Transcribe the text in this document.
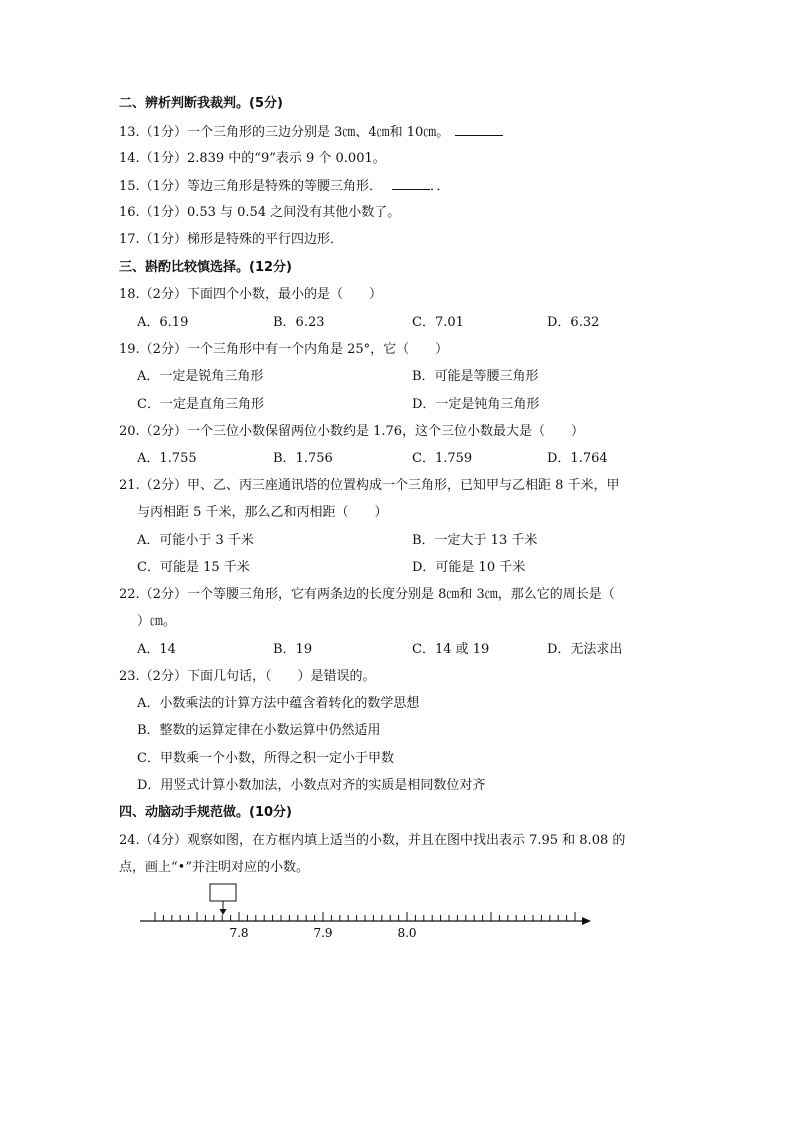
二、辨析判断我裁判。(5分)
13.（1分）一个三角形的三边分别是 3㎝、4㎝和 10㎝。
14.（1分）2.839 中的“9”表示 9 个 0.001。
15.（1分）等边三角形是特殊的等腰三角形．	．．
16.（1分）0.53 与 0.54 之间没有其他小数了。
17.（1分）梯形是特殊的平行四边形．
三、斟酌比较慎选择。(12分)
18.（2分）下面四个小数，最小的是（　　）
A．6.19	B．6.23	C．7.01	D．6.32
19.（2分）一个三角形中有一个内角是 25°，它（　　）
A．一定是锐角三角形	B．可能是等腰三角形
C．一定是直角三角形	D．一定是钝角三角形
20.（2分）一个三位小数保留两位小数约是 1.76，这个三位小数最大是（　　）
A．1.755	B．1.756	C．1.759	D．1.764
21.（2分）甲、乙、丙三座通讯塔的位置构成一个三角形，已知甲与乙相距 8 千米，甲
与丙相距 5 千米，那么乙和丙相距（　　）
A．可能小于 3 千米	B．一定大于 13 千米
C．可能是 15 千米	D．可能是 10 千米
22.（2分）一个等腰三角形，它有两条边的长度分别是 8㎝和 3㎝，那么它的周长是（
）㎝。
A．14	B．19	C．14 或 19	D．无法求出
23.（2分）下面几句话，（　　）是错误的。
A．小数乘法的计算方法中蕴含着转化的数学思想
B．整数的运算定律在小数运算中仍然适用
C．甲数乘一个小数，所得之积一定小于甲数
D．用竖式计算小数加法，小数点对齐的实质是相同数位对齐
四、动脑动手规范做。(10分)
24.（4分）观察如图，在方框内填上适当的小数，并且在图中找出表示 7.95 和 8.08 的
点，画上“•”并注明对应的小数。
7.8	7.9	8.0
